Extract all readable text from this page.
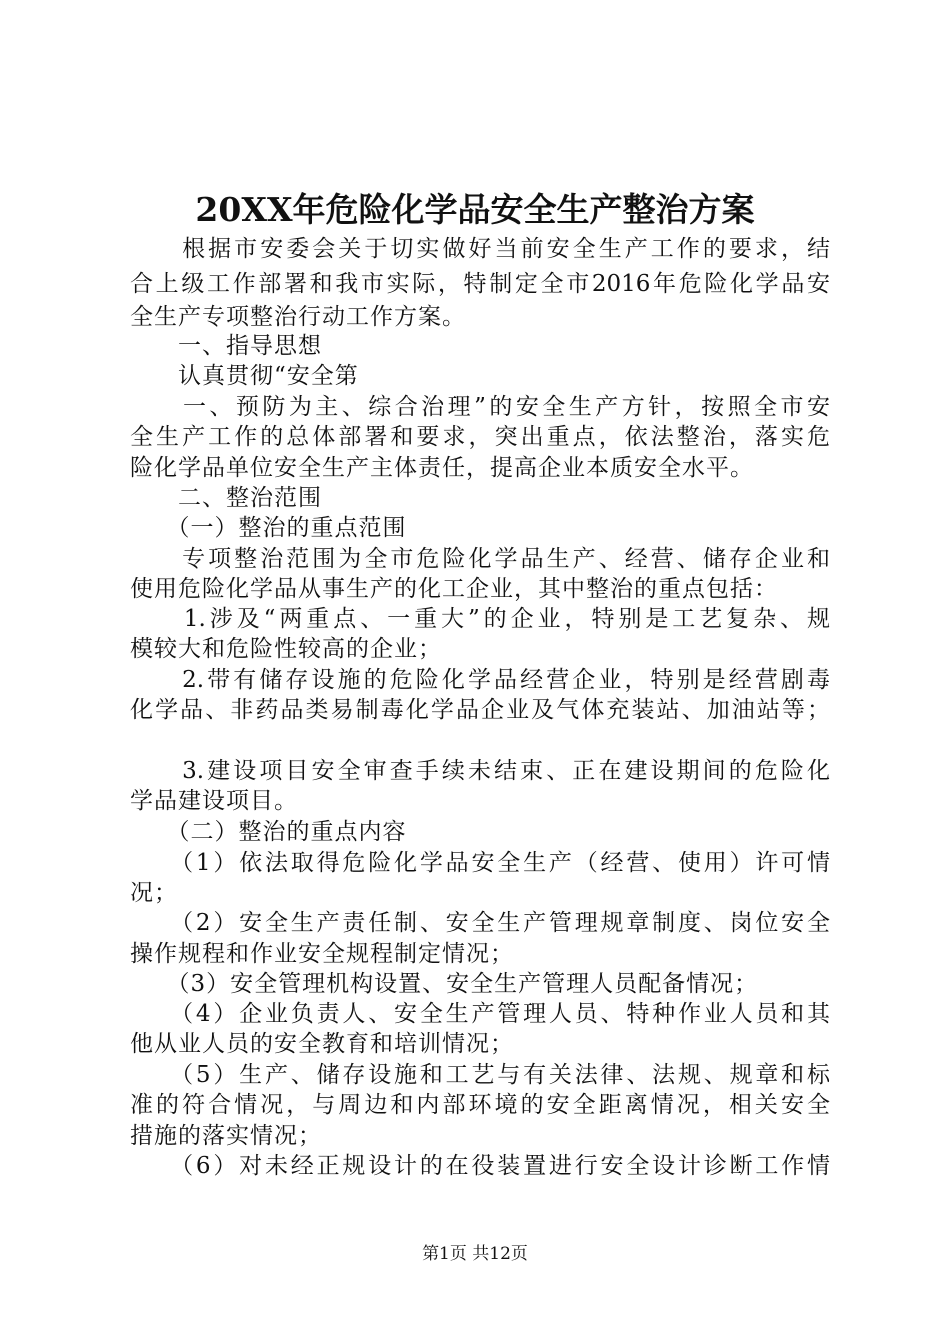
20XX年危险化学品安全生产整治方案
　　根据市安委会关于切实做好当前安全生产工作的要求，结
合上级工作部署和我市实际，特制定全市2016年危险化学品安
全生产专项整治行动工作方案。
　　一、指导思想
　　认真贯彻“安全第
　　一、预防为主、综合治理”的安全生产方针，按照全市安
全生产工作的总体部署和要求，突出重点，依法整治，落实危
险化学品单位安全生产主体责任，提高企业本质安全水平。
　　二、整治范围
　　（一）整治的重点范围
　　专项整治范围为全市危险化学品生产、经营、储存企业和
使用危险化学品从事生产的化工企业，其中整治的重点包括：
　　1.涉及“两重点、一重大”的企业，特别是工艺复杂、规
模较大和危险性较高的企业；
　　2.带有储存设施的危险化学品经营企业，特别是经营剧毒
化学品、非药品类易制毒化学品企业及气体充装站、加油站等；
　　3.建设项目安全审查手续未结束、正在建设期间的危险化
学品建设项目。
　　（二）整治的重点内容
　　（1）依法取得危险化学品安全生产（经营、使用）许可情
况；
　　（2）安全生产责任制、安全生产管理规章制度、岗位安全
操作规程和作业安全规程制定情况；
　　（3）安全管理机构设置、安全生产管理人员配备情况；
　　（4）企业负责人、安全生产管理人员、特种作业人员和其
他从业人员的安全教育和培训情况；
　　（5）生产、储存设施和工艺与有关法律、法规、规章和标
准的符合情况，与周边和内部环境的安全距离情况，相关安全
措施的落实情况；
　　（6）对未经正规设计的在役装置进行安全设计诊断工作情
第1页 共12页
